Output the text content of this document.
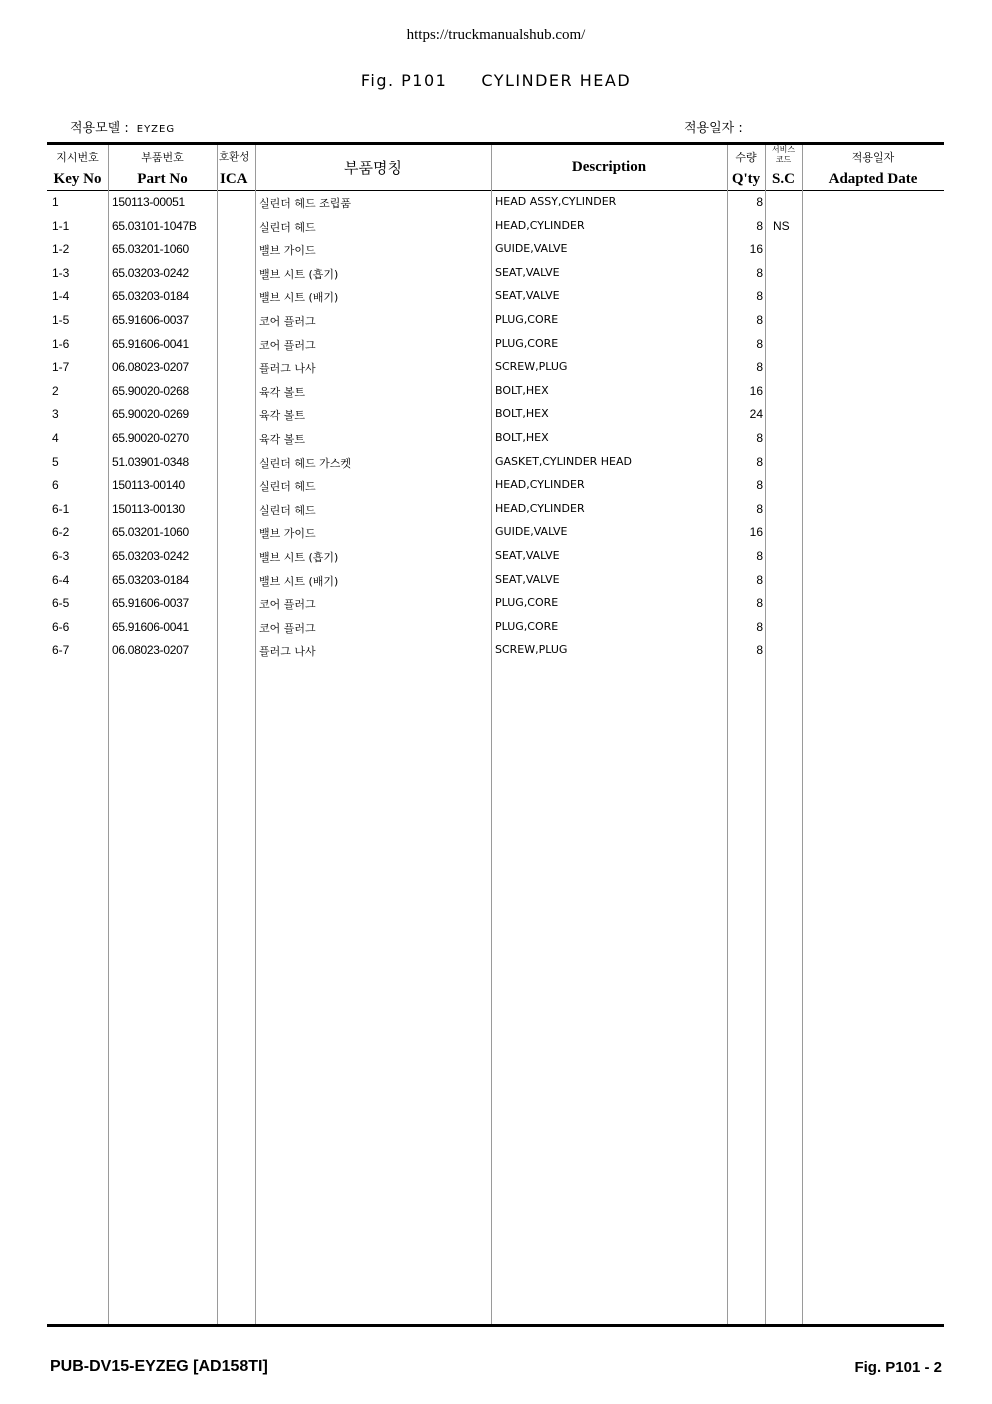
https://truckmanualshub.com/
Fig. P101 CYLINDER HEAD
적용모델 : EYZEG	적용일자 :
지시번호
Key No
부품번호
Part No
호환성
ICA
부품명칭	Description
수량
Q'ty
서비스 코드
S.C
적용일자
Adapted Date
1	150113-00051	실린더 헤드 조립품	HEAD ASSY,CYLINDER	8
1-1	65.03101-1047B	실린더 헤드	HEAD,CYLINDER	8 NS
1-2	65.03201-1060	밸브 가이드	GUIDE,VALVE	16
1-3	65.03203-0242	밸브 시트 (흡기)	SEAT,VALVE	8
1-4	65.03203-0184	밸브 시트 (배기)	SEAT,VALVE	8
1-5	65.91606-0037	코어 플러그	PLUG,CORE	8
1-6	65.91606-0041	코어 플러그	PLUG,CORE	8
1-7	06.08023-0207	플러그 나사	SCREW,PLUG	8
2	65.90020-0268	육각 볼트	BOLT,HEX	16
3	65.90020-0269	육각 볼트	BOLT,HEX	24
4	65.90020-0270	육각 볼트	BOLT,HEX	8
5	51.03901-0348	실린더 헤드 가스켓	GASKET,CYLINDER HEAD	8
6	150113-00140	실린더 헤드	HEAD,CYLINDER	8
6-1	150113-00130	실린더 헤드	HEAD,CYLINDER	8
6-2	65.03201-1060	밸브 가이드	GUIDE,VALVE	16
6-3	65.03203-0242	밸브 시트 (흡기)	SEAT,VALVE	8
6-4	65.03203-0184	밸브 시트 (배기)	SEAT,VALVE	8
6-5	65.91606-0037	코어 플러그	PLUG,CORE	8
6-6	65.91606-0041	코어 플러그	PLUG,CORE	8
6-7	06.08023-0207	플러그 나사	SCREW,PLUG	8
PUB-DV15-EYZEG [AD158TI]	Fig. P101 - 2
